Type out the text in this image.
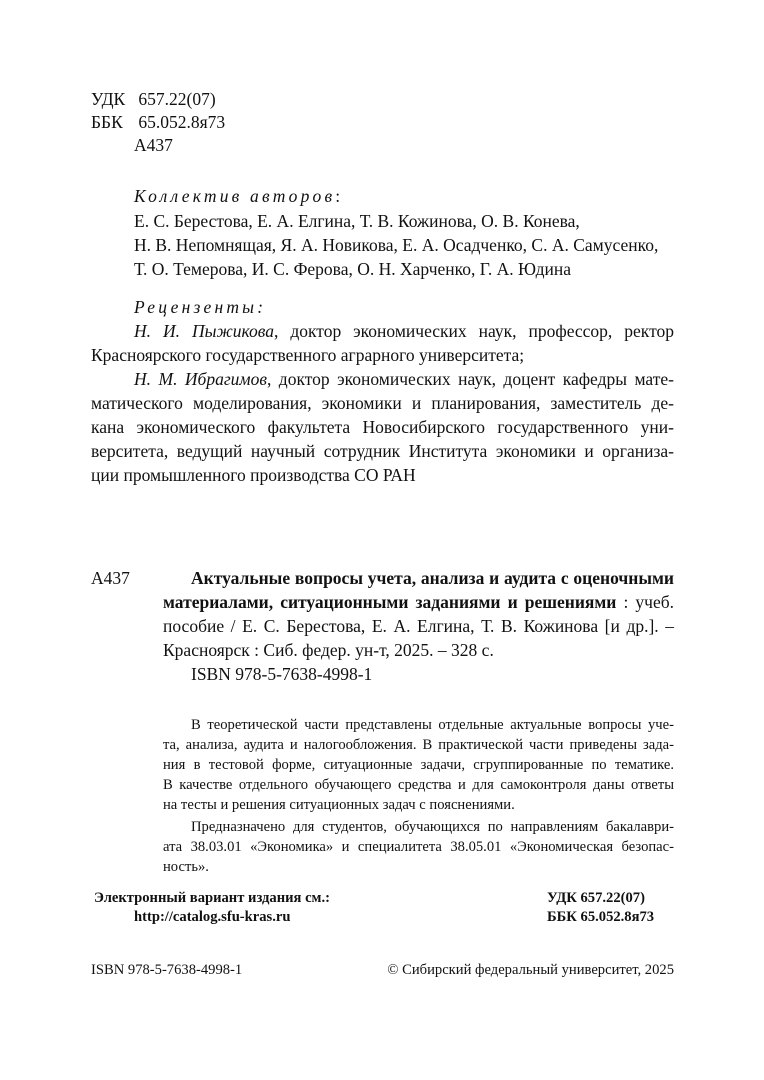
УДК 657.22(07)
ББК 65.052.8я73
А437
Коллектив авторов:
Е. С. Берестова, Е. А. Елгина, Т. В. Кожинова, О. В. Конева,
Н. В. Непомнящая, Я. А. Новикова, Е. А. Осадченко, С. А. Самусенко,
Т. О. Темерова, И. С. Ферова, О. Н. Харченко, Г. А. Юдина
Рецензенты:
Н. И. Пыжикова, доктор экономических наук, профессор, ректор
Красноярского государственного аграрного университета;
Н. М. Ибрагимов, доктор экономических наук, доцент кафедры мате-
матического моделирования, экономики и планирования, заместитель де-
кана экономического факультета Новосибирского государственного уни-
верситета, ведущий научный сотрудник Института экономики и организа-
ции промышленного производства СО РАН
А437	Актуальные вопросы учета, анализа и аудита с оценочными
материалами, ситуационными заданиями и решениями : учеб.
пособие / Е. С. Берестова, Е. А. Елгина, Т. В. Кожинова [и др.]. –
Красноярск : Сиб. федер. ун-т, 2025. – 328 с.
ISBN 978-5-7638-4998-1
В теоретической части представлены отдельные актуальные вопросы уче-
та, анализа, аудита и налогообложения. В практической части приведены зада-
ния в тестовой форме, ситуационные задачи, сгруппированные по тематике.
В качестве отдельного обучающего средства и для самоконтроля даны ответы
на тесты и решения ситуационных задач с пояснениями.
Предназначено для студентов, обучающихся по направлениям бакалаври-
ата 38.03.01 «Экономика» и специалитета 38.05.01 «Экономическая безопас-
ность».
Электронный вариант издания см.:
http://catalog.sfu-kras.ru
УДК 657.22(07)
ББК 65.052.8я73
ISBN 978-5-7638-4998-1	© Сибирский федеральный университет, 2025
